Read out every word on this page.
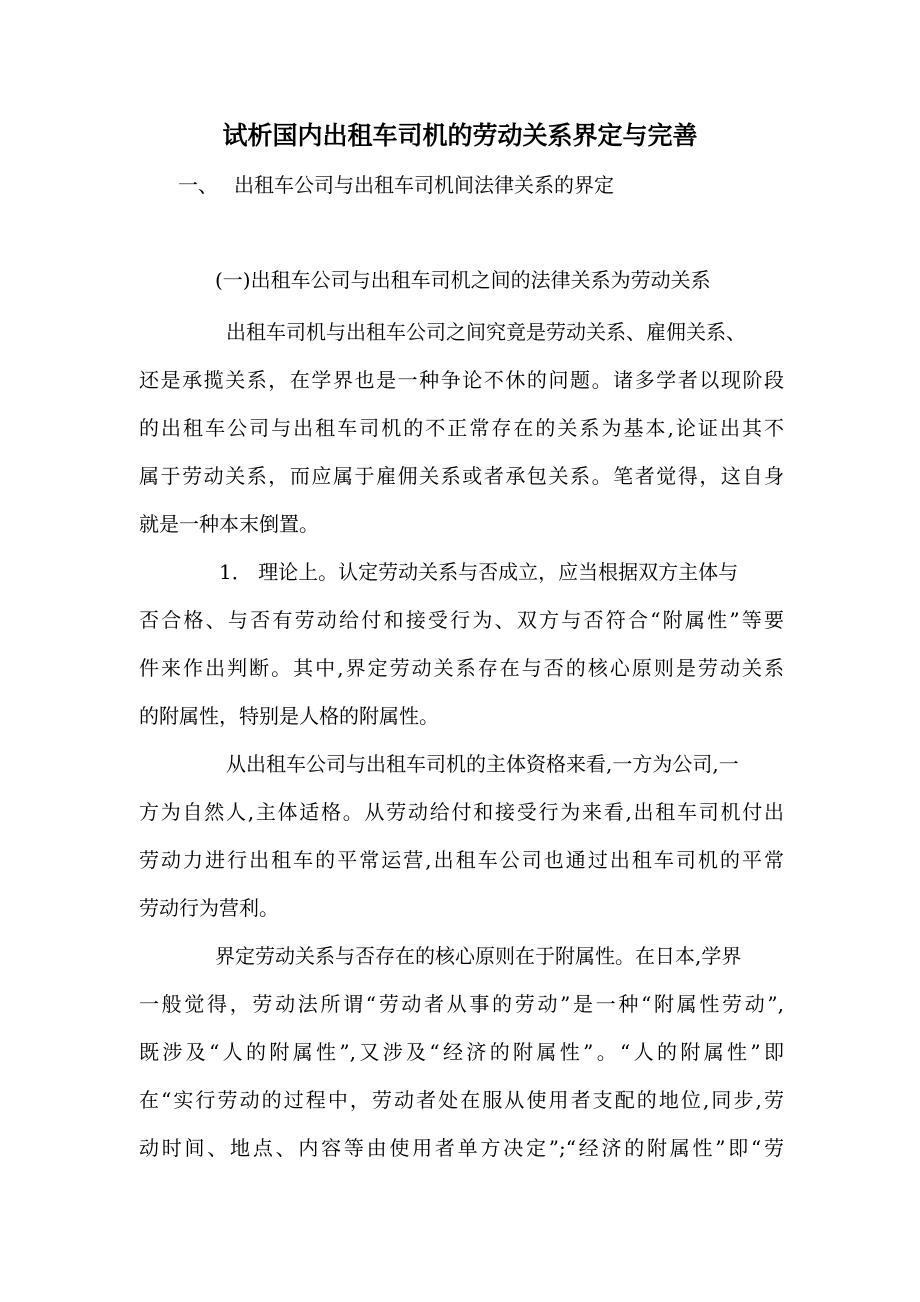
试析国内出租车司机的劳动关系界定与完善
一、 出租车公司与出租车司机间法律关系的界定
(一)出租车公司与出租车司机之间的法律关系为劳动关系
出租车司机与出租车公司之间究竟是劳动关系、雇佣关系、
还是承揽关系，在学界也是一种争论不休的问题。诸多学者以现阶段
的出租车公司与出租车司机的不正常存在的关系为基本,论证出其不
属于劳动关系，而应属于雇佣关系或者承包关系。笔者觉得，这自身
就是一种本末倒置。
1． 理论上。认定劳动关系与否成立，应当根据双方主体与
否合格、与否有劳动给付和接受行为、双方与否符合“附属性”等要
件来作出判断。其中,界定劳动关系存在与否的核心原则是劳动关系
的附属性，特别是人格的附属性。
从出租车公司与出租车司机的主体资格来看,一方为公司,一
方为自然人,主体适格。从劳动给付和接受行为来看,出租车司机付出
劳动力进行出租车的平常运营,出租车公司也通过出租车司机的平常
劳动行为营利。
界定劳动关系与否存在的核心原则在于附属性。在日本,学界
一般觉得，劳动法所谓“劳动者从事的劳动”是一种“附属性劳动”,
既涉及“人的附属性”,又涉及“经济的附属性”。“人的附属性”即
在“实行劳动的过程中，劳动者处在服从使用者支配的地位,同步,劳
动时间、地点、内容等由使用者单方决定”;“经济的附属性”即“劳
